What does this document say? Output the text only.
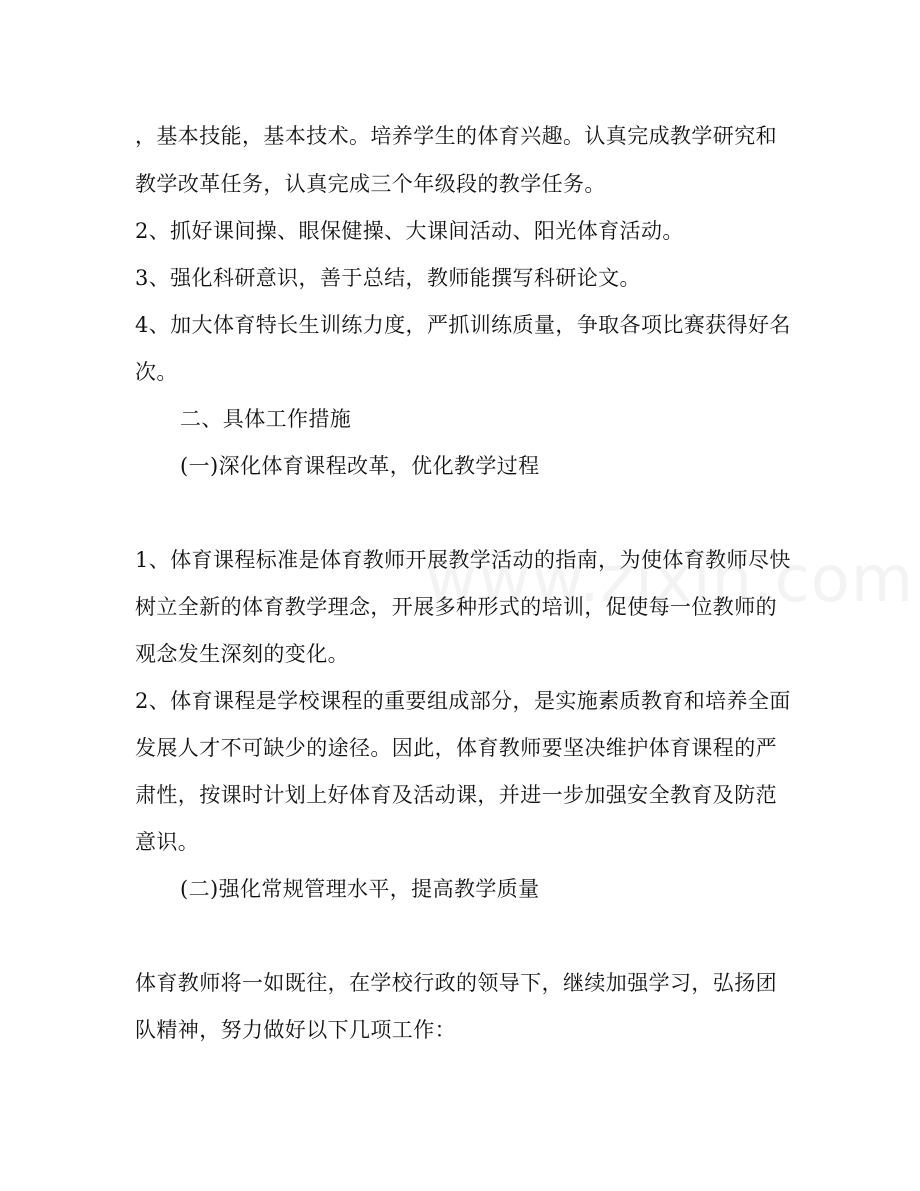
，基本技能，基本技术。培养学生的体育兴趣。认真完成教学研究和
教学改革任务，认真完成三个年级段的教学任务。
2、抓好课间操、眼保健操、大课间活动、阳光体育活动。
3、强化科研意识，善于总结，教师能撰写科研论文。
4、加大体育特长生训练力度，严抓训练质量，争取各项比赛获得好名
次。
二、具体工作措施
(一)深化体育课程改革，优化教学过程
1、体育课程标准是体育教师开展教学活动的指南，为使体育教师尽快
树立全新的体育教学理念，开展多种形式的培训，促使每一位教师的
观念发生深刻的变化。
2、体育课程是学校课程的重要组成部分，是实施素质教育和培养全面
发展人才不可缺少的途径。因此，体育教师要坚决维护体育课程的严
肃性，按课时计划上好体育及活动课，并进一步加强安全教育及防范
意识。
(二)强化常规管理水平，提高教学质量
体育教师将一如既往，在学校行政的领导下，继续加强学习，弘扬团
队精神，努力做好以下几项工作：
